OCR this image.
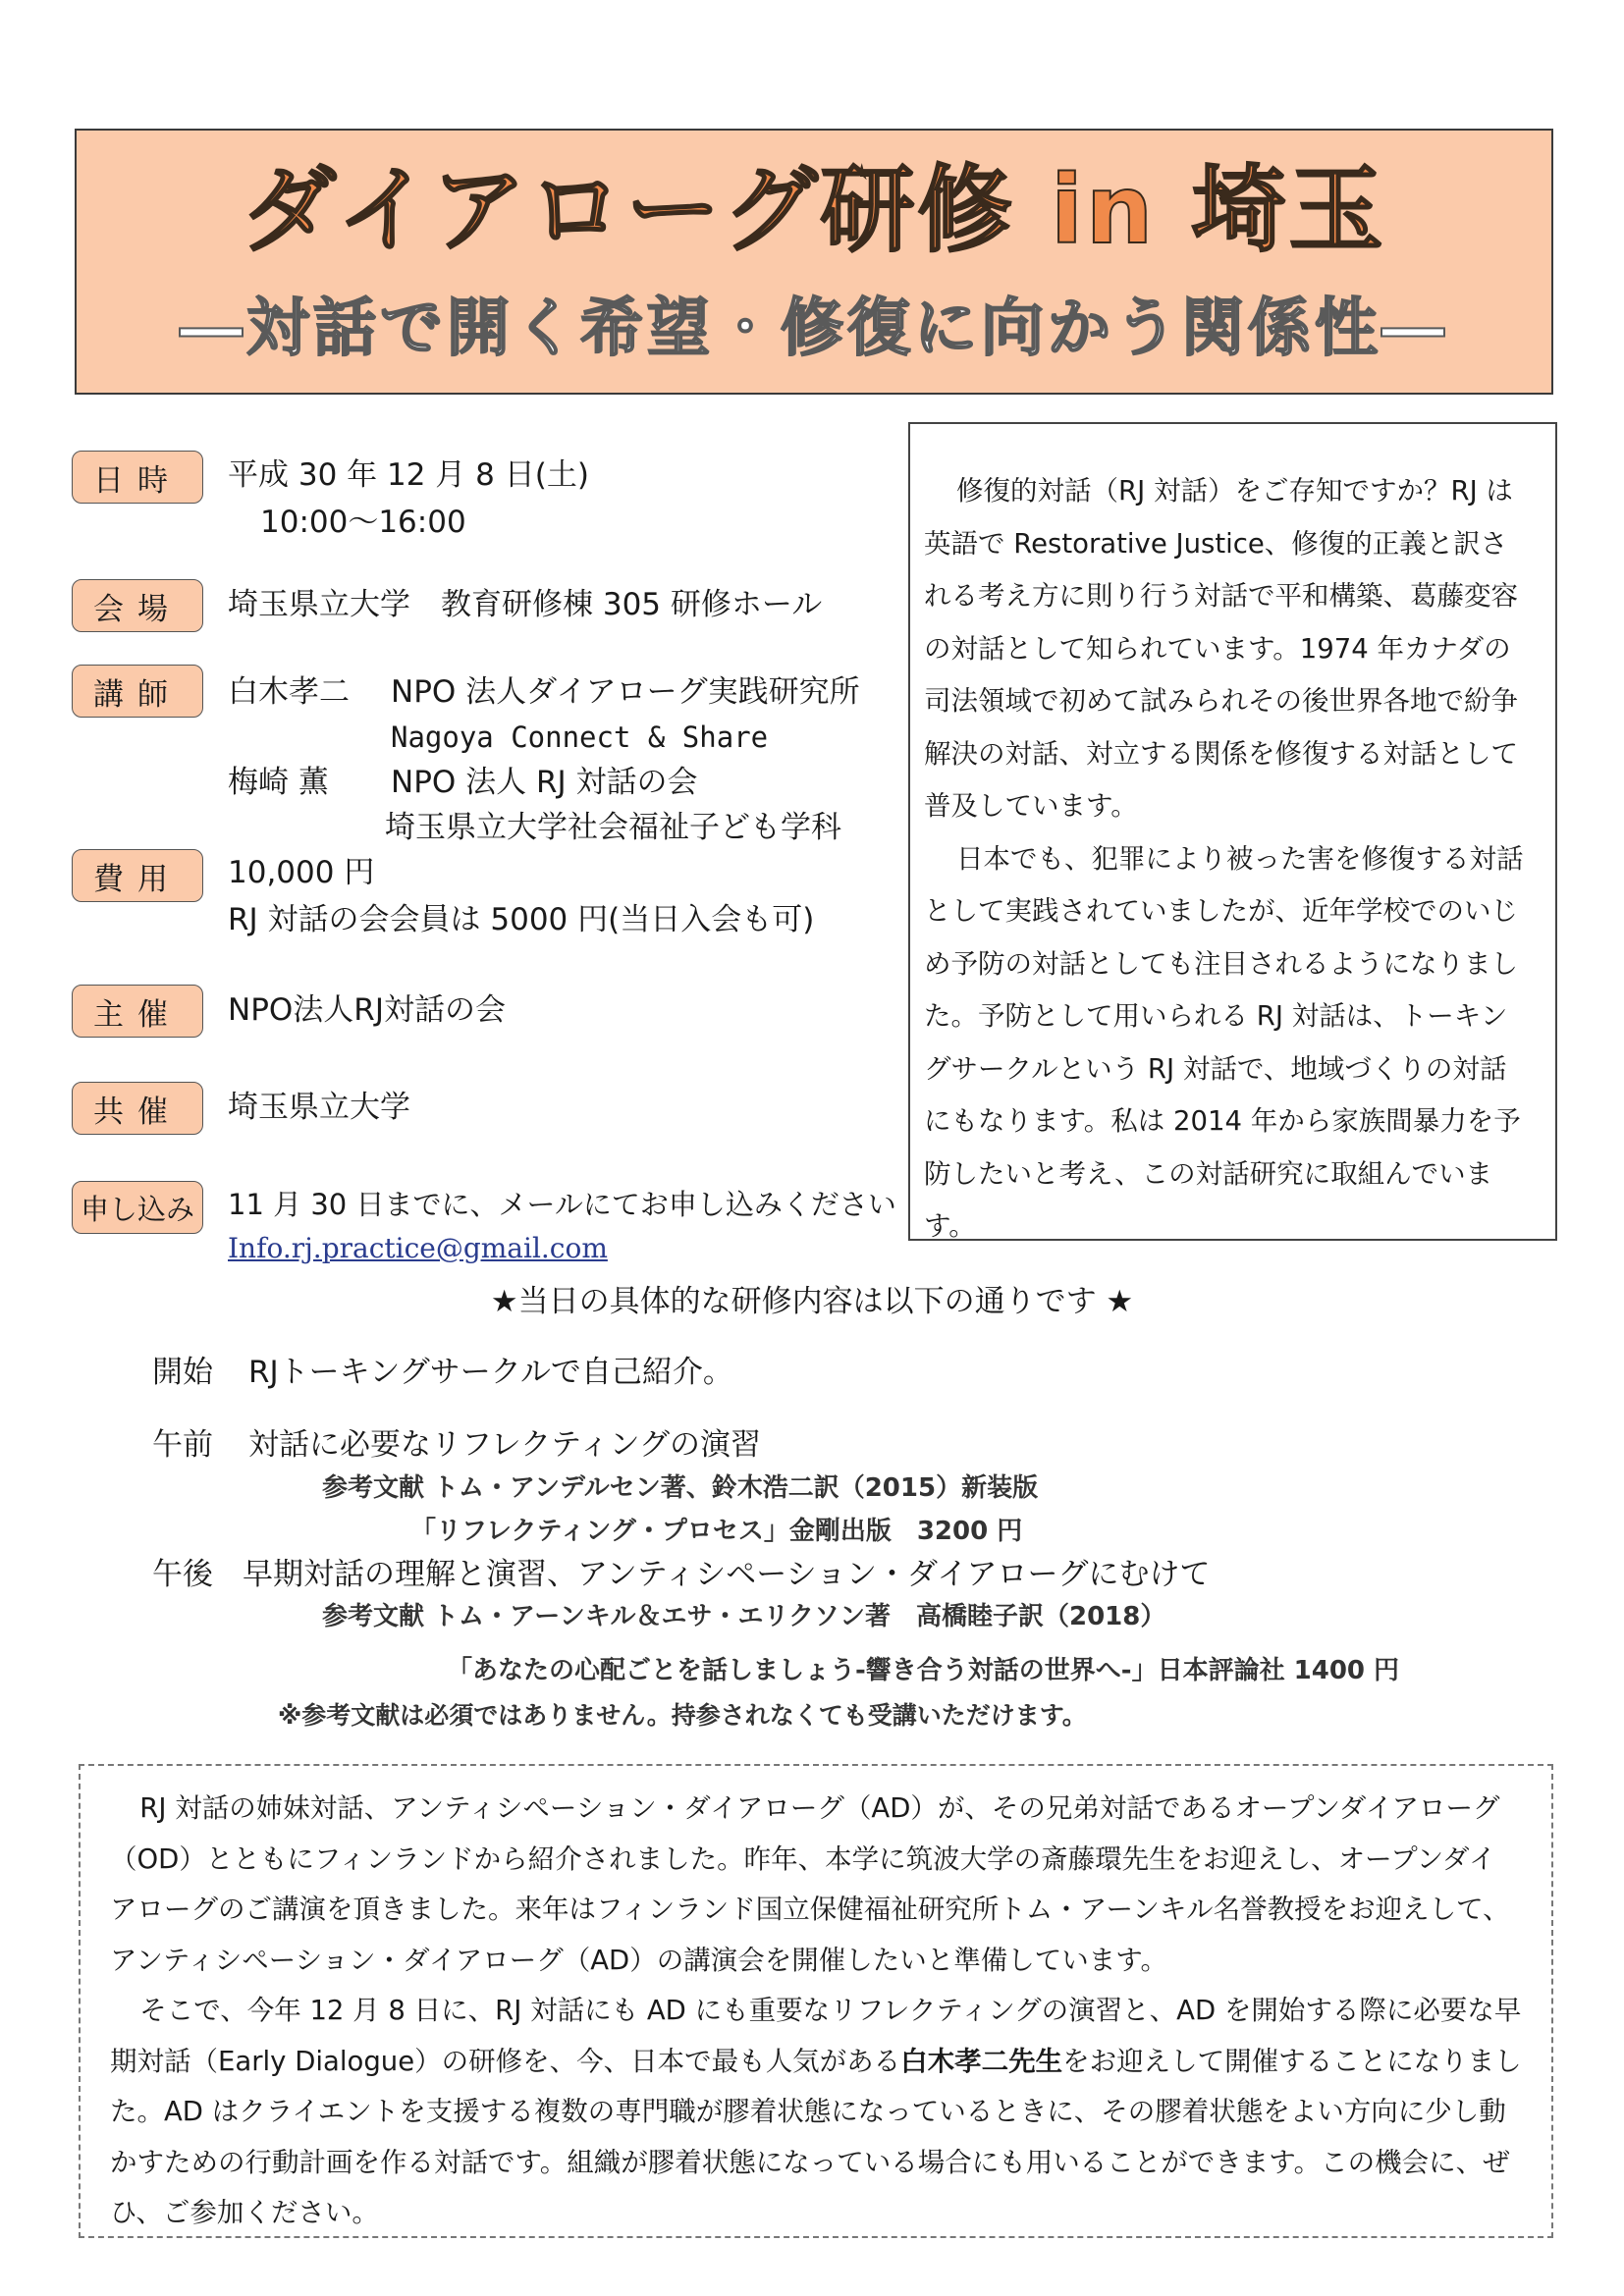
ダイアローグ研修 in 埼玉
―対話で開く希望・修復に向かう関係性―
日時	平成 30 年 12 月 8 日(土)
10:00～16:00
会場	埼玉県立大学　教育研修棟 305 研修ホール
講師	白木孝二 NPO 法人ダイアローグ実践研究所
Nagoya Connect & Share
梅崎 薫 NPO 法人 RJ 対話の会
埼玉県立大学社会福祉子ども学科
費用	10,000 円
RJ 対話の会会員は 5000 円(当日入会も可)
主催	NPO法人RJ対話の会
共催	埼玉県立大学
申し込み	11 月 30 日までに、メールにてお申し込みください
Info.rj.practice@gmail.com

修復的対話（RJ 対話）をご存知ですか？RJ は英語で Restorative Justice、修復的正義と訳される考え方に則り行う対話で平和構築、葛藤変容の対話として知られています。1974 年カナダの司法領域で初めて試みられその後世界各地で紛争解決の対話、対立する関係を修復する対話として普及しています。

日本でも、犯罪により被った害を修復する対話として実践されていましたが、近年学校でのいじめ予防の対話としても注目されるようになりました。予防として用いられる RJ 対話は、トーキングサークルという RJ 対話で、地域づくりの対話にもなります。私は 2014 年から家族間暴力を予防したいと考え、この対話研究に取組んでいます。

★当日の具体的な研修内容は以下の通りです ★
開始 RJトーキングサークルで自己紹介。
午前 対話に必要なリフレクティングの演習
参考文献 トム・アンデルセン著、鈴木浩二訳（2015）新装版
「リフレクティング・プロセス」金剛出版　3200 円
午後 早期対話の理解と演習、アンティシペーション・ダイアローグにむけて
参考文献 トム・アーンキル＆エサ・エリクソン著　高橋睦子訳（2018）
「あなたの心配ごとを話しましょう-響き合う対話の世界へ-」日本評論社 1400 円
※参考文献は必須ではありません。持参されなくても受講いただけます。

RJ 対話の姉妹対話、アンティシペーション・ダイアローグ（AD）が、その兄弟対話であるオープンダイアローグ（OD）とともにフィンランドから紹介されました。昨年、本学に筑波大学の斎藤環先生をお迎えし、オープンダイアローグのご講演を頂きました。来年はフィンランド国立保健福祉研究所トム・アーンキル名誉教授をお迎えして、アンティシペーション・ダイアローグ（AD）の講演会を開催したいと準備しています。

そこで、今年 12 月 8 日に、RJ 対話にも AD にも重要なリフレクティングの演習と、AD を開始する際に必要な早期対話（Early Dialogue）の研修を、今、日本で最も人気がある白木孝二先生をお迎えして開催することになりました。AD はクライエントを支援する複数の専門職が膠着状態になっているときに、その膠着状態をよい方向に少し動かすための行動計画を作る対話です。組織が膠着状態になっている場合にも用いることができます。この機会に、ぜひ、ご参加ください。
